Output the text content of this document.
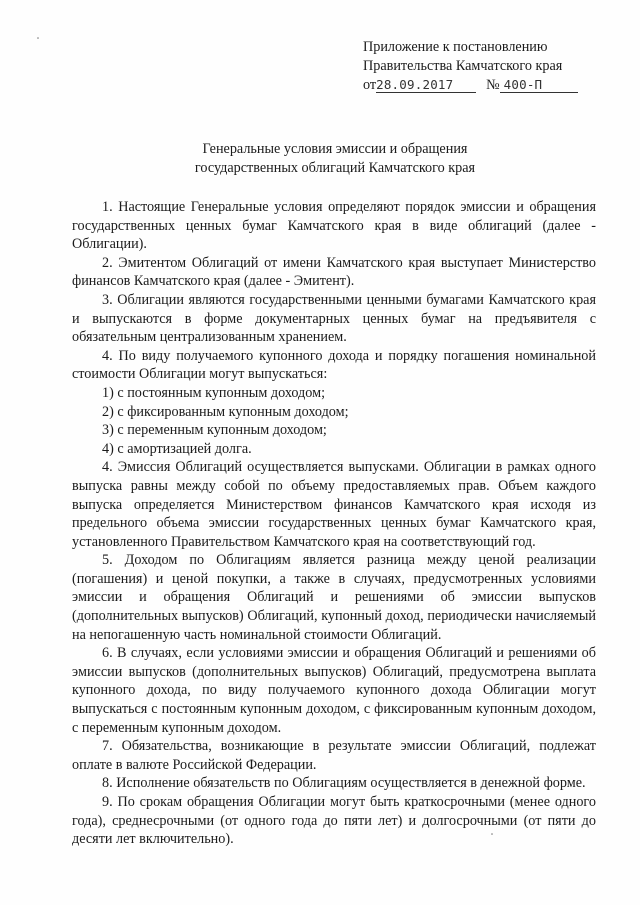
Приложение к постановлению
Правительства Камчатского края
от28.09.2017 № 400-П
Генеральные условия эмиссии и обращения
государственных облигаций Камчатского края

1. Настоящие Генеральные условия определяют порядок эмиссии и обращения государственных ценных бумаг Камчатского края в виде облигаций (далее - Облигации).

2. Эмитентом Облигаций от имени Камчатского края выступает Министерство финансов Камчатского края (далее - Эмитент).

3. Облигации являются государственными ценными бумагами Камчатского края и выпускаются в форме документарных ценных бумаг на предъявителя с обязательным централизованным хранением.

4. По виду получаемого купонного дохода и порядку погашения номинальной стоимости Облигации могут выпускаться:

1) с постоянным купонным доходом;

2) с фиксированным купонным доходом;

3) с переменным купонным доходом;

4) с амортизацией долга.

4. Эмиссия Облигаций осуществляется выпусками. Облигации в рамках одного выпуска равны между собой по объему предоставляемых прав. Объем каждого выпуска определяется Министерством финансов Камчатского края исходя из предельного объема эмиссии государственных ценных бумаг Камчатского края, установленного Правительством Камчатского края на соответствующий год.

5. Доходом по Облигациям является разница между ценой реализации (погашения) и ценой покупки, а также в случаях, предусмотренных условиями эмиссии и обращения Облигаций и решениями об эмиссии выпусков (дополнительных выпусков) Облигаций, купонный доход, периодически начисляемый на непогашенную часть номинальной стоимости Облигаций.

6. В случаях, если условиями эмиссии и обращения Облигаций и решениями об эмиссии выпусков (дополнительных выпусков) Облигаций, предусмотрена выплата купонного дохода, по виду получаемого купонного дохода Облигации могут выпускаться с постоянным купонным доходом, с фиксированным купонным доходом, с переменным купонным доходом.

7. Обязательства, возникающие в результате эмиссии Облигаций, подлежат оплате в валюте Российской Федерации.

8. Исполнение обязательств по Облигациям осуществляется в денежной форме.

9. По срокам обращения Облигации могут быть краткосрочными (менее одного года), среднесрочными (от одного года до пяти лет) и долгосрочными (от пяти до десяти лет включительно).
